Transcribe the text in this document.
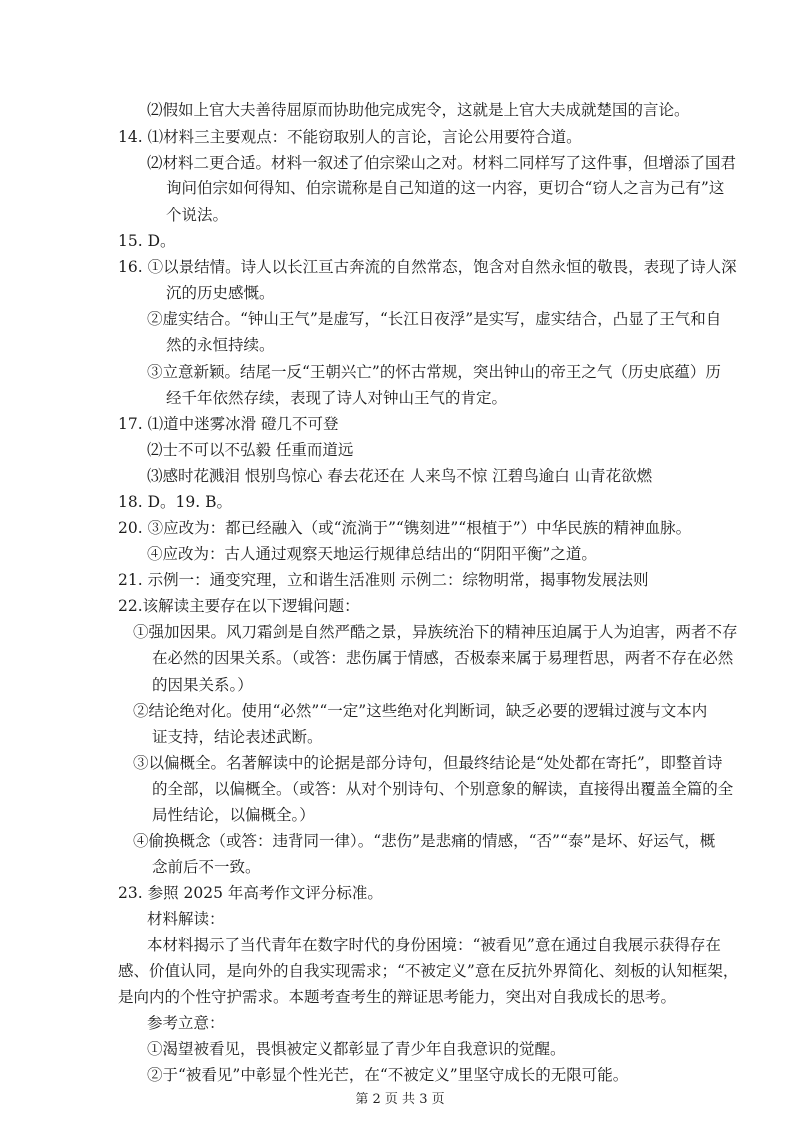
⑵假如上官大夫善待屈原而协助他完成宪令，这就是上官大夫成就楚国的言论。
14. ⑴材料三主要观点：不能窃取别人的言论，言论公用要符合道。
⑵材料二更合适。材料一叙述了伯宗梁山之对。材料二同样写了这件事，但增添了国君
询问伯宗如何得知、伯宗谎称是自己知道的这一内容，更切合“窃人之言为己有”这
个说法。
15. D。
16. ①以景结情。诗人以长江亘古奔流的自然常态，饱含对自然永恒的敬畏，表现了诗人深
沉的历史感慨。
②虚实结合。“钟山王气”是虚写，“长江日夜浮”是实写，虚实结合，凸显了王气和自
然的永恒持续。
③立意新颖。结尾一反“王朝兴亡”的怀古常规，突出钟山的帝王之气（历史底蕴）历
经千年依然存续，表现了诗人对钟山王气的肯定。
17. ⑴道中迷雾冰滑 磴几不可登
⑵士不可以不弘毅 任重而道远
⑶感时花溅泪 恨别鸟惊心 春去花还在 人来鸟不惊 江碧鸟逾白 山青花欲燃
18. D。19. B。
20. ③应改为：都已经融入（或“流淌于”“镌刻进”“根植于”）中华民族的精神血脉。
④应改为：古人通过观察天地运行规律总结出的“阴阳平衡”之道。
21. 示例一：通变究理，立和谐生活准则 示例二：综物明常，揭事物发展法则
22.该解读主要存在以下逻辑问题：
①强加因果。风刀霜剑是自然严酷之景，异族统治下的精神压迫属于人为迫害，两者不存
在必然的因果关系。（或答：悲伤属于情感，否极泰来属于易理哲思，两者不存在必然
的因果关系。）
②结论绝对化。使用“必然”“一定”这些绝对化判断词，缺乏必要的逻辑过渡与文本内
证支持，结论表述武断。
③以偏概全。名著解读中的论据是部分诗句，但最终结论是“处处都在寄托”，即整首诗
的全部，以偏概全。（或答：从对个别诗句、个别意象的解读，直接得出覆盖全篇的全
局性结论，以偏概全。）
④偷换概念（或答：违背同一律）。“悲伤”是悲痛的情感，“否”“泰”是坏、好运气，概
念前后不一致。
23. 参照 2025 年高考作文评分标准。
材料解读：
本材料揭示了当代青年在数字时代的身份困境：“被看见”意在通过自我展示获得存在
感、价值认同，是向外的自我实现需求；“不被定义”意在反抗外界简化、刻板的认知框架，
是向内的个性守护需求。本题考查考生的辩证思考能力，突出对自我成长的思考。
参考立意：
①渴望被看见，畏惧被定义都彰显了青少年自我意识的觉醒。
②于“被看见”中彰显个性光芒，在“不被定义”里坚守成长的无限可能。
第 2 页 共 3 页
